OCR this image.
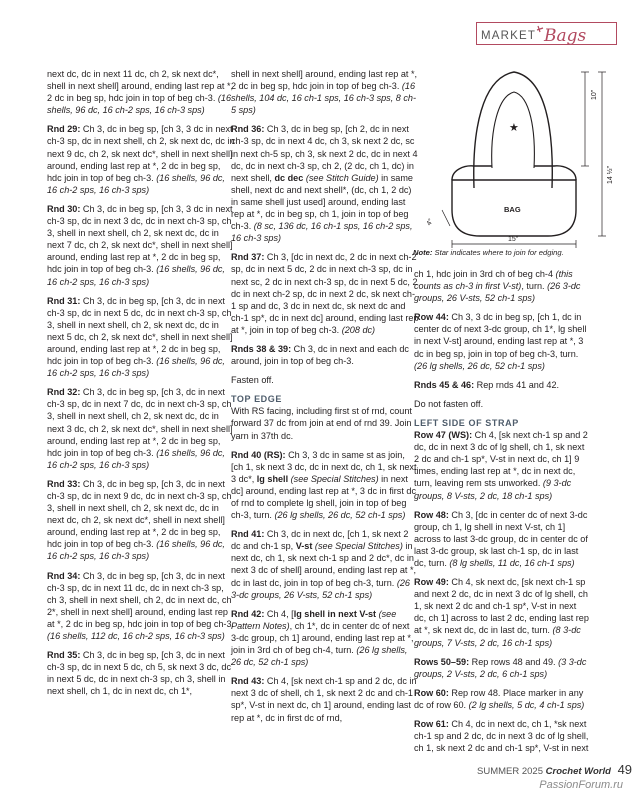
MARKET Bags
★
BAG
10"
14 ½"
15"
4"
Note: Star indicates where to join for edging.

next dc, dc in next 11 dc, ch 2, sk next dc*, shell in next shell] around, ending last rep at *, 2 dc in beg sp, hdc join in top of beg ch-3. (16 shells, 96 dc, 16 ch-2 sps, 16 ch-3 sps)

Rnd 29: Ch 3, dc in beg sp, [ch 3, 3 dc in next ch-3 sp, dc in next shell, ch 2, sk next dc, dc in next 9 dc, ch 2, sk next dc*, shell in next shell] around, ending last rep at *, 2 dc in beg sp, hdc join in top of beg ch-3. (16 shells, 96 dc, 16 ch-2 sps, 16 ch-3 sps)

Rnd 30: Ch 3, dc in beg sp, [ch 3, 3 dc in next ch-3 sp, dc in next 3 dc, dc in next ch-3 sp, ch 3, shell in next shell, ch 2, sk next dc, dc in next 7 dc, ch 2, sk next dc*, shell in next shell] around, ending last rep at *, 2 dc in beg sp, hdc join in top of beg ch-3. (16 shells, 96 dc, 16 ch-2 sps, 16 ch-3 sps)

Rnd 31: Ch 3, dc in beg sp, [ch 3, dc in next ch-3 sp, dc in next 5 dc, dc in next ch-3 sp, ch 3, shell in next shell, ch 2, sk next dc, dc in next 5 dc, ch 2, sk next dc*, shell in next shell] around, ending last rep at *, 2 dc in beg sp, hdc join in top of beg ch-3. (16 shells, 96 dc, 16 ch-2 sps, 16 ch-3 sps)

Rnd 32: Ch 3, dc in beg sp, [ch 3, dc in next ch-3 sp, dc in next 7 dc, dc in next ch-3 sp, ch 3, shell in next shell, ch 2, sk next dc, dc in next 3 dc, ch 2, sk next dc*, shell in next shell] around, ending last rep at *, 2 dc in beg sp, hdc join in top of beg ch-3. (16 shells, 96 dc, 16 ch-2 sps, 16 ch-3 sps)

Rnd 33: Ch 3, dc in beg sp, [ch 3, dc in next ch-3 sp, dc in next 9 dc, dc in next ch-3 sp, ch 3, shell in next shell, ch 2, sk next dc, dc in next dc, ch 2, sk next dc*, shell in next shell] around, ending last rep at *, 2 dc in beg sp, hdc join in top of beg ch-3. (16 shells, 96 dc, 16 ch-2 sps, 16 ch-3 sps)

Rnd 34: Ch 3, dc in beg sp, [ch 3, dc in next ch-3 sp, dc in next 11 dc, dc in next ch-3 sp, ch 3, shell in next shell, ch 2, dc in next dc, ch 2*, shell in next shell] around, ending last rep at *, 2 dc in beg sp, hdc join in top of beg ch-3. (16 shells, 112 dc, 16 ch-2 sps, 16 ch-3 sps)

Rnd 35: Ch 3, dc in beg sp, [ch 3, dc in next ch-3 sp, dc in next 5 dc, ch 5, sk next 3 dc, dc in next 5 dc, dc in next ch-3 sp, ch 3, shell in next shell, ch 1, dc in next dc, ch 1*,

shell in next shell] around, ending last rep at *, 2 dc in beg sp, hdc join in top of beg ch-3. (16 shells, 104 dc, 16 ch-1 sps, 16 ch-3 sps, 8 ch-5 sps)

Rnd 36: Ch 3, dc in beg sp, [ch 2, dc in next ch-3 sp, dc in next 4 dc, ch 3, sk next 2 dc, sc in next ch-5 sp, ch 3, sk next 2 dc, dc in next 4 dc, dc in next ch-3 sp, ch 2, (2 dc, ch 1, dc) in next shell, dc dec (see Stitch Guide) in same shell, next dc and next shell*, (dc, ch 1, 2 dc) in same shell just used] around, ending last rep at *, dc in beg sp, ch 1, join in top of beg ch-3. (8 sc, 136 dc, 16 ch-1 sps, 16 ch-2 sps, 16 ch-3 sps)

Rnd 37: Ch 3, [dc in next dc, 2 dc in next ch-2 sp, dc in next 5 dc, 2 dc in next ch-3 sp, dc in next sc, 2 dc in next ch-3 sp, dc in next 5 dc, 2 dc in next ch-2 sp, dc in next 2 dc, sk next ch-1 sp and dc, 3 dc in next dc, sk next dc and ch-1 sp*, dc in next dc] around, ending last rep at *, join in top of beg ch-3. (208 dc)

Rnds 38 & 39: Ch 3, dc in next and each dc around, join in top of beg ch-3.

Fasten off.

TOP EDGE

With RS facing, including first st of rnd, count forward 37 dc from join at end of rnd 39. Join yarn in 37th dc.

Rnd 40 (RS): Ch 3, 3 dc in same st as join, [ch 1, sk next 3 dc, dc in next dc, ch 1, sk next 3 dc*, lg shell (see Special Stitches) in next dc] around, ending last rep at *, 3 dc in first dc of rnd to complete lg shell, join in top of beg ch-3, turn. (26 lg shells, 26 dc, 52 ch-1 sps)

Rnd 41: Ch 3, dc in next dc, [ch 1, sk next 2 dc and ch-1 sp, V-st (see Special Stitches) in next dc, ch 1, sk next ch-1 sp and 2 dc*, dc in next 3 dc of shell] around, ending last rep at *, dc in last dc, join in top of beg ch-3, turn. (26 3-dc groups, 26 V-sts, 52 ch-1 sps)

Rnd 42: Ch 4, [lg shell in next V-st (see Pattern Notes), ch 1*, dc in center dc of next 3-dc group, ch 1] around, ending last rep at *, join in 3rd ch of beg ch-4, turn. (26 lg shells, 26 dc, 52 ch-1 sps)

Rnd 43: Ch 4, [sk next ch-1 sp and 2 dc, dc in next 3 dc of shell, ch 1, sk next 2 dc and ch-1 sp*, V-st in next dc, ch 1] around, ending last rep at *, dc in first dc of rnd,

ch 1, hdc join in 3rd ch of beg ch-4 (this counts as ch-3 in first V-st), turn. (26 3-dc groups, 26 V-sts, 52 ch-1 sps)

Row 44: Ch 3, 3 dc in beg sp, [ch 1, dc in center dc of next 3-dc group, ch 1*, lg shell in next V-st] around, ending last rep at *, 3 dc in beg sp, join in top of beg ch-3, turn. (26 lg shells, 26 dc, 52 ch-1 sps)

Rnds 45 & 46: Rep rnds 41 and 42.

Do not fasten off.

LEFT SIDE OF STRAP

Row 47 (WS): Ch 4, [sk next ch-1 sp and 2 dc, dc in next 3 dc of lg shell, ch 1, sk next 2 dc and ch-1 sp*, V-st in next dc, ch 1] 9 times, ending last rep at *, dc in next dc, turn, leaving rem sts unworked. (9 3-dc groups, 8 V-sts, 2 dc, 18 ch-1 sps)

Row 48: Ch 3, [dc in center dc of next 3-dc group, ch 1, lg shell in next V-st, ch 1] across to last 3-dc group, dc in center dc of last 3-dc group, sk last ch-1 sp, dc in last dc, turn. (8 lg shells, 11 dc, 16 ch-1 sps)

Row 49: Ch 4, sk next dc, [sk next ch-1 sp and next 2 dc, dc in next 3 dc of lg shell, ch 1, sk next 2 dc and ch-1 sp*, V-st in next dc, ch 1] across to last 2 dc, ending last rep at *, sk next dc, dc in last dc, turn. (8 3-dc groups, 7 V-sts, 2 dc, 16 ch-1 sps)

Rows 50–59: Rep rows 48 and 49. (3 3-dc groups, 2 V-sts, 2 dc, 6 ch-1 sps)

Row 60: Rep row 48. Place marker in any dc of row 60. (2 lg shells, 5 dc, 4 ch-1 sps)

Row 61: Ch 4, dc in next dc, ch 1, *sk next ch-1 sp and 2 dc, dc in next 3 dc of lg shell, ch 1, sk next 2 dc and ch-1 sp*, V-st in next

SUMMER 2025 Crochet World 49
PassionForum.ru
